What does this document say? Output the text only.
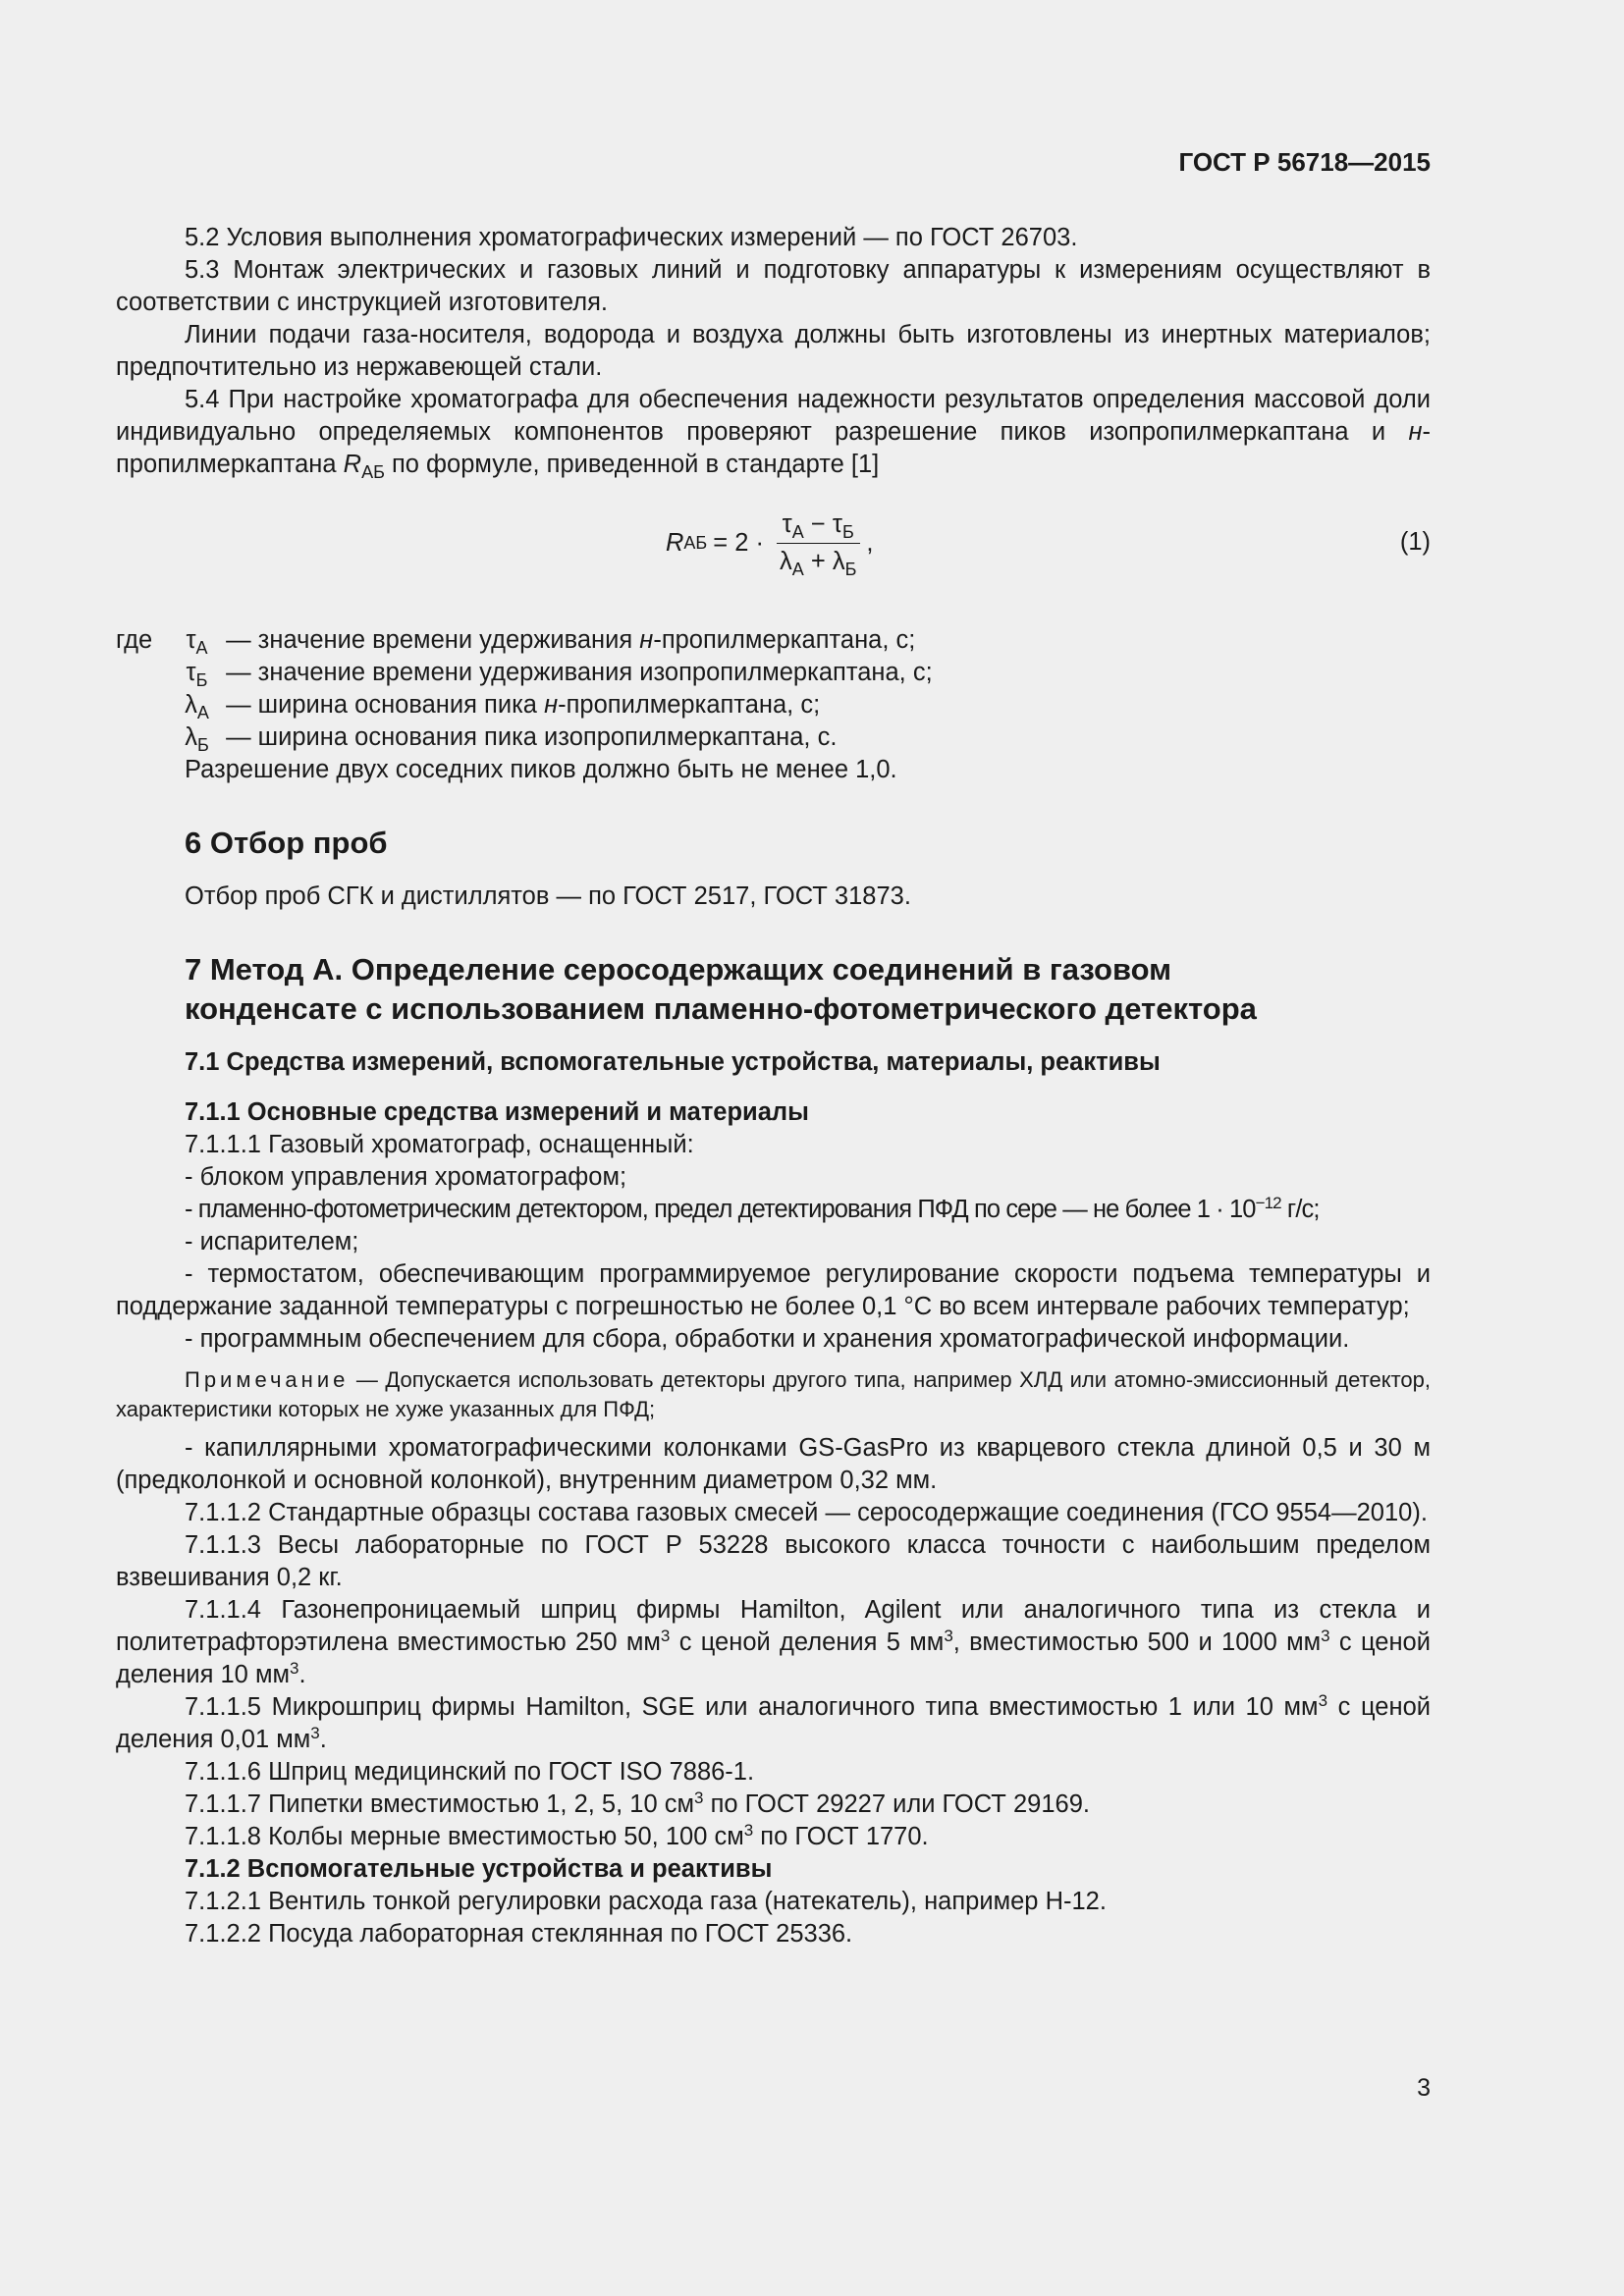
ГОСТ Р 56718—2015

5.2 Условия выполнения хроматографических измерений — по ГОСТ 26703.

5.3 Монтаж электрических и газовых линий и подготовку аппаратуры к измерениям осуществляют в соответствии с инструкцией изготовителя.

Линии подачи газа-носителя, водорода и воздуха должны быть изготовлены из инертных материалов; предпочтительно из нержавеющей стали.

5.4 При настройке хроматографа для обеспечения надежности результатов определения массовой доли индивидуально определяемых компонентов проверяют разрешение пиков изопропилмеркаптана и н-пропилмеркаптана $R_{АБ}$ по формуле, приведенной в стандарте [1]

R АБ = $2 \cdot \frac{\tau_А - \tau_Б}{\lambda_А + \lambda_Б}$ ,	(1)
где	$\tau_А$ — значение времени удерживания н-пропилмеркаптана, с;
$\tau_Б$ — значение времени удерживания изопропилмеркаптана, с;
$\lambda_А$ — ширина основания пика н-пропилмеркаптана, с;
$\lambda_Б$ — ширина основания пика изопропилмеркаптана, с.

Разрешение двух соседних пиков должно быть не менее 1,0.

6 Отбор проб

Отбор проб СГК и дистиллятов — по ГОСТ 2517, ГОСТ 31873.

7 Метод А. Определение серосодержащих соединений в газовом
конденсате с использованием пламенно-фотометрического детектора
7.1 Средства измерений, вспомогательные устройства, материалы, реактивы
7.1.1 Основные средства измерений и материалы

7.1.1.1 Газовый хроматограф, оснащенный:

- блоком управления хроматографом;

- пламенно-фотометрическим детектором, предел детектирования ПФД по сере — не более $1 \cdot 10^{-12}$ г/с;

- испарителем;

- термостатом, обеспечивающим программируемое регулирование скорости подъема температуры и поддержание заданной температуры с погрешностью не более 0,1 °С во всем интервале рабочих температур;

- программным обеспечением для сбора, обработки и хранения хроматографической информации.

Примечание — Допускается использовать детекторы другого типа, например ХЛД или атомно-эмиссионный детектор, характеристики которых не хуже указанных для ПФД;

- капиллярными хроматографическими колонками GS-GasPro из кварцевого стекла длиной 0,5 и 30 м (предколонкой и основной колонкой), внутренним диаметром 0,32 мм.

7.1.1.2 Стандартные образцы состава газовых смесей — серосодержащие соединения (ГСО 9554—2010).

7.1.1.3 Весы лабораторные по ГОСТ Р 53228 высокого класса точности с наибольшим пределом взвешивания 0,2 кг.

7.1.1.4 Газонепроницаемый шприц фирмы Hamilton, Agilent или аналогичного типа из стекла и политетрафторэтилена вместимостью 250 $мм^3$ с ценой деления 5 $мм^3$, вместимостью 500 и 1000 $мм^3$ с ценой деления 10 $мм^3$.

7.1.1.5 Микрошприц фирмы Hamilton, SGE или аналогичного типа вместимостью 1 или 10 $мм^3$ с ценой деления 0,01 $мм^3$.

7.1.1.6 Шприц медицинский по ГОСТ ISO 7886-1.

7.1.1.7 Пипетки вместимостью 1, 2, 5, 10 $см^3$ по ГОСТ 29227 или ГОСТ 29169.

7.1.1.8 Колбы мерные вместимостью 50, 100 $см^3$ по ГОСТ 1770.

7.1.2 Вспомогательные устройства и реактивы

7.1.2.1 Вентиль тонкой регулировки расхода газа (натекатель), например Н-12.

7.1.2.2 Посуда лабораторная стеклянная по ГОСТ 25336.

3
